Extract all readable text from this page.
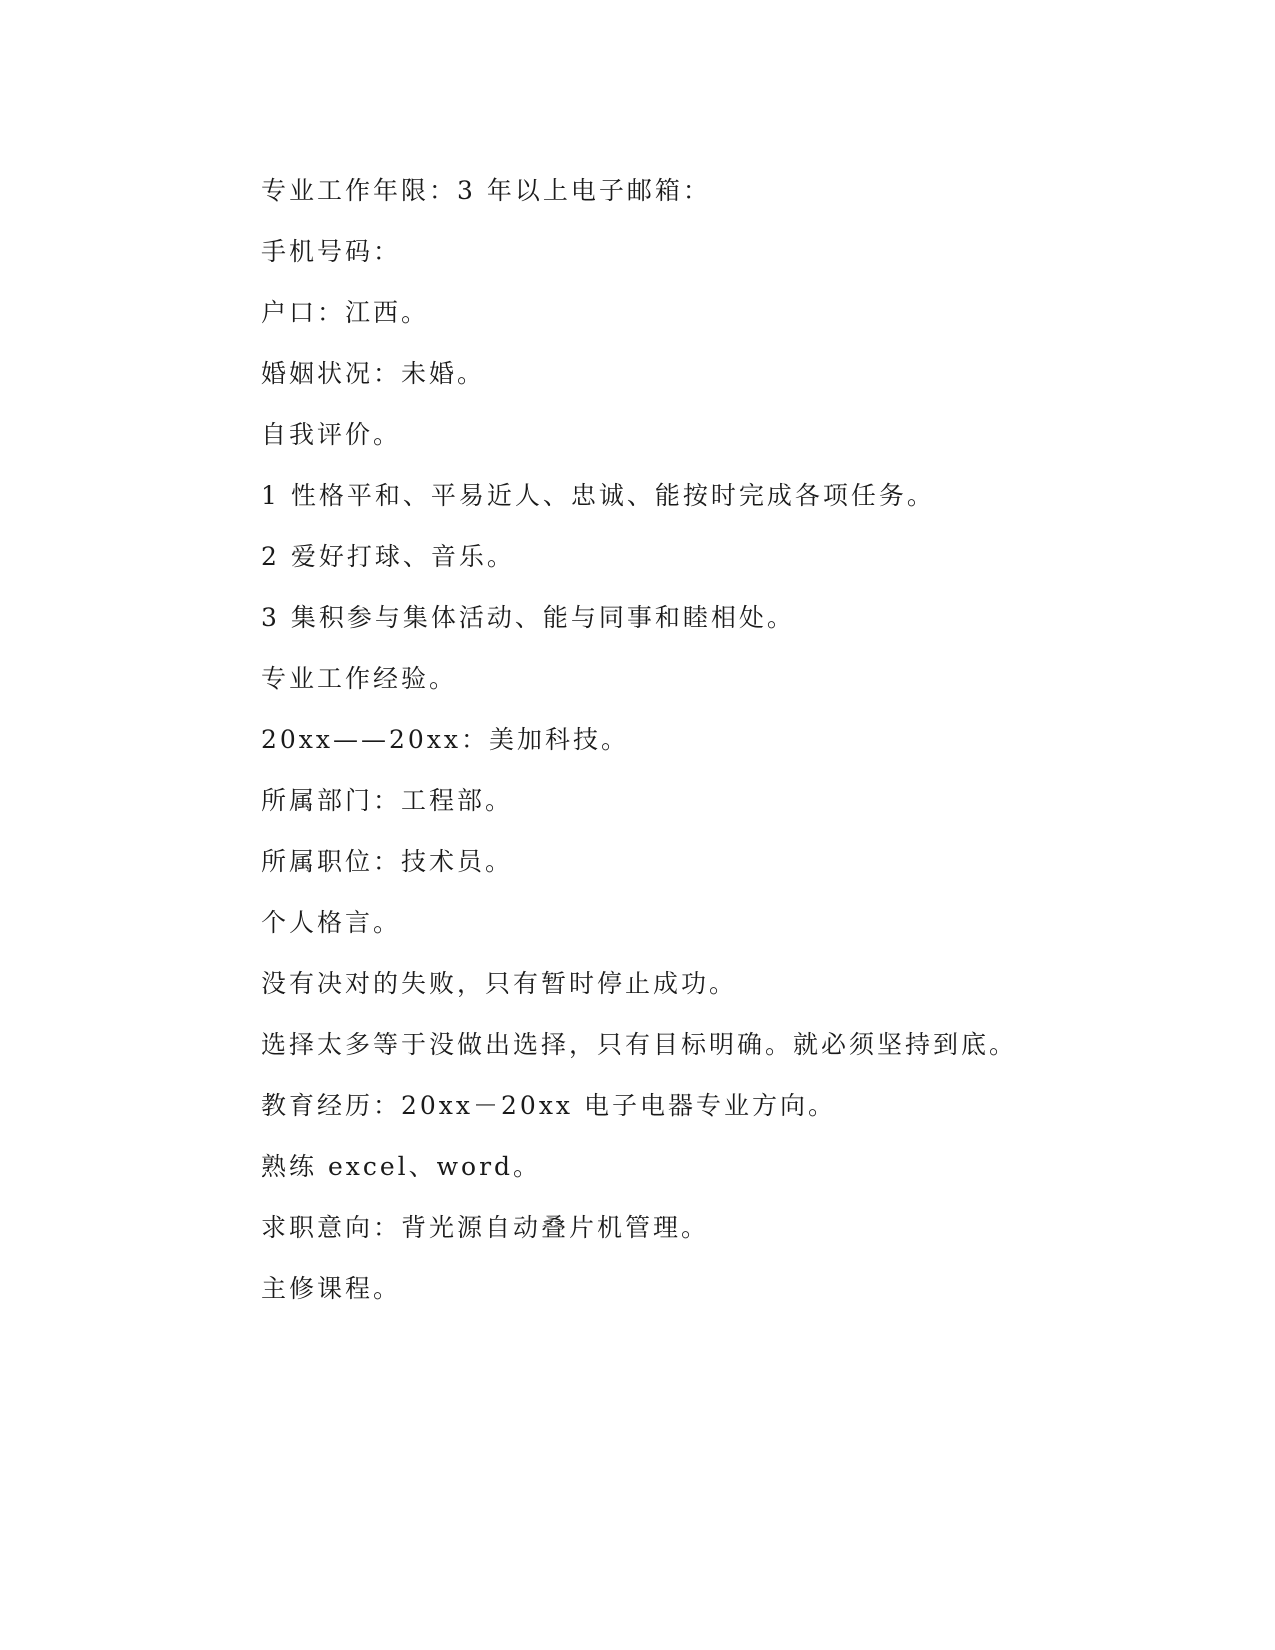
专业工作年限：3 年以上电子邮箱：

手机号码：

户口：江西。

婚姻状况：未婚。

自我评价。

1 性格平和、平易近人、忠诚、能按时完成各项任务。

2 爱好打球、音乐。

3 集积参与集体活动、能与同事和睦相处。

专业工作经验。

20xx——20xx：美加科技。

所属部门：工程部。

所属职位：技术员。

个人格言。

没有决对的失败，只有暂时停止成功。

选择太多等于没做出选择，只有目标明确。就必须坚持到底。

教育经历：20xx－20xx 电子电器专业方向。

熟练 excel、word。

求职意向：背光源自动叠片机管理。

主修课程。
